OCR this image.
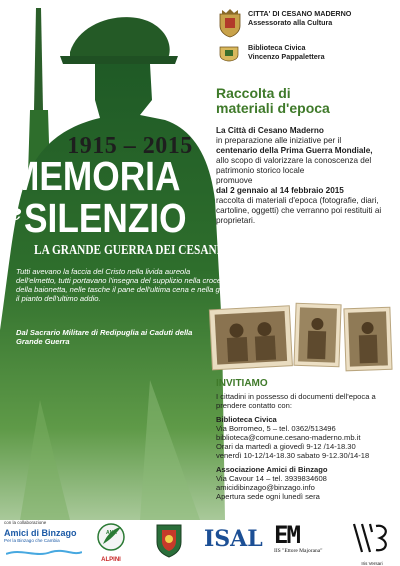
1915 – 2015
MEMORIA
e SILENZIO
LA GRANDE GUERRA DEI CESANESI
Tutti avevano la faccia del Cristo nella livida aureola dell'elmetto, tutti portavano l'insegna del supplizio nella croce della baionetta, nelle tasche il pane dell'ultima cena e nella gola il pianto dell'ultimo addio.
Dal Sacrario Militare di Redipuglia ai Caduti della Grande Guerra
CITTA' DI CESANO MADERNO
Assessorato alla Cultura
Biblioteca Civica
Vincenzo Pappalettera
Raccolta di
materiali d'epoca
La Città di Cesano Maderno
in preparazione alle iniziative per il
centenario della Prima Guerra Mondiale,
allo scopo di valorizzare la conoscenza del patrimonio storico locale
promuove
dal 2 gennaio al 14 febbraio 2015
raccolta di materiali d'epoca (fotografie, diari, cartoline, oggetti) che verranno poi restituiti ai proprietari.
INVITIAMO
I cittadini in possesso di documenti dell'epoca a prendere contatto con:
Biblioteca Civica
Via Borromeo, 5 – tel. 0362/513496
biblioteca@comune.cesano-maderno.mb.it
Orari da martedì a giovedì 9-12 /14-18.30
venerdì 10-12/14-18.30 sabato 9-12.30/14-18
Associazione Amici di Binzago
Via Cavour 14 – tel. 3939834608
amicidibinzago@binzago.info
Apertura sede ogni lunedì sera
con la collaborazione
Amici di Binzago
Per la Binzago che Cambia
ANA
ALPINI
ISAL EM
IIS "Ettore Majorana"
Iris Versari
